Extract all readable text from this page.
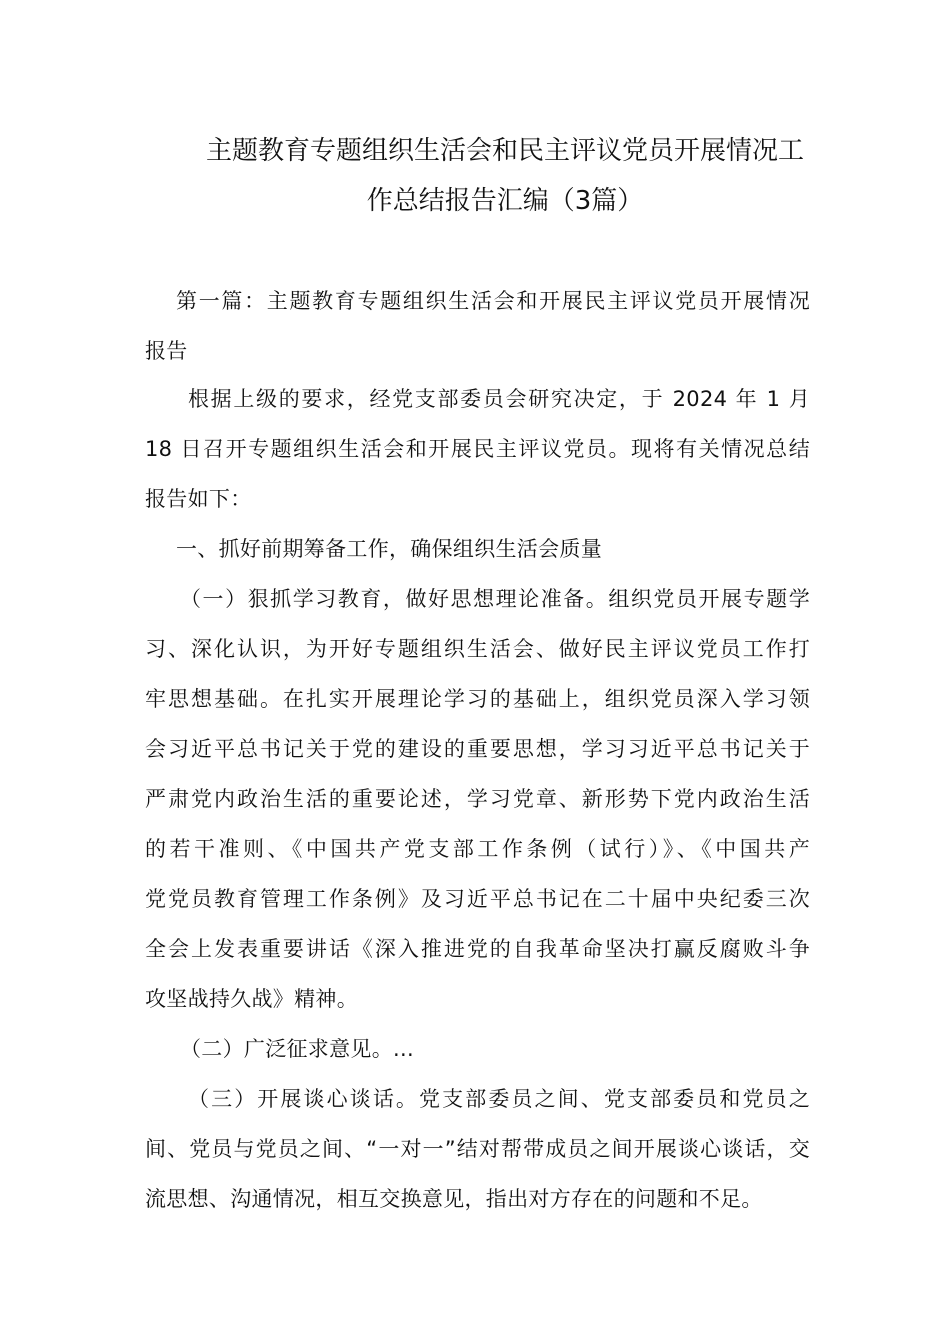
主题教育专题组织生活会和民主评议党员开展情况工
作总结报告汇编（3篇）
第一篇：主题教育专题组织生活会和开展民主评议党员开展情况
报告
根据上级的要求，经党支部委员会研究决定，于 2024 年 1 月
18 日召开专题组织生活会和开展民主评议党员。现将有关情况总结
报告如下：
一、抓好前期筹备工作，确保组织生活会质量
（一）狠抓学习教育，做好思想理论准备。组织党员开展专题学
习、深化认识，为开好专题组织生活会、做好民主评议党员工作打
牢思想基础。在扎实开展理论学习的基础上，组织党员深入学习领
会习近平总书记关于党的建设的重要思想，学习习近平总书记关于
严肃党内政治生活的重要论述，学习党章、新形势下党内政治生活
的若干准则、《中国共产党支部工作条例（试行）》、《中国共产
党党员教育管理工作条例》及习近平总书记在二十届中央纪委三次
全会上发表重要讲话《深入推进党的自我革命坚决打赢反腐败斗争
攻坚战持久战》精神。
（二）广泛征求意见。...
（三）开展谈心谈话。党支部委员之间、党支部委员和党员之
间、党员与党员之间、“一对一”结对帮带成员之间开展谈心谈话，交
流思想、沟通情况，相互交换意见，指出对方存在的问题和不足。
